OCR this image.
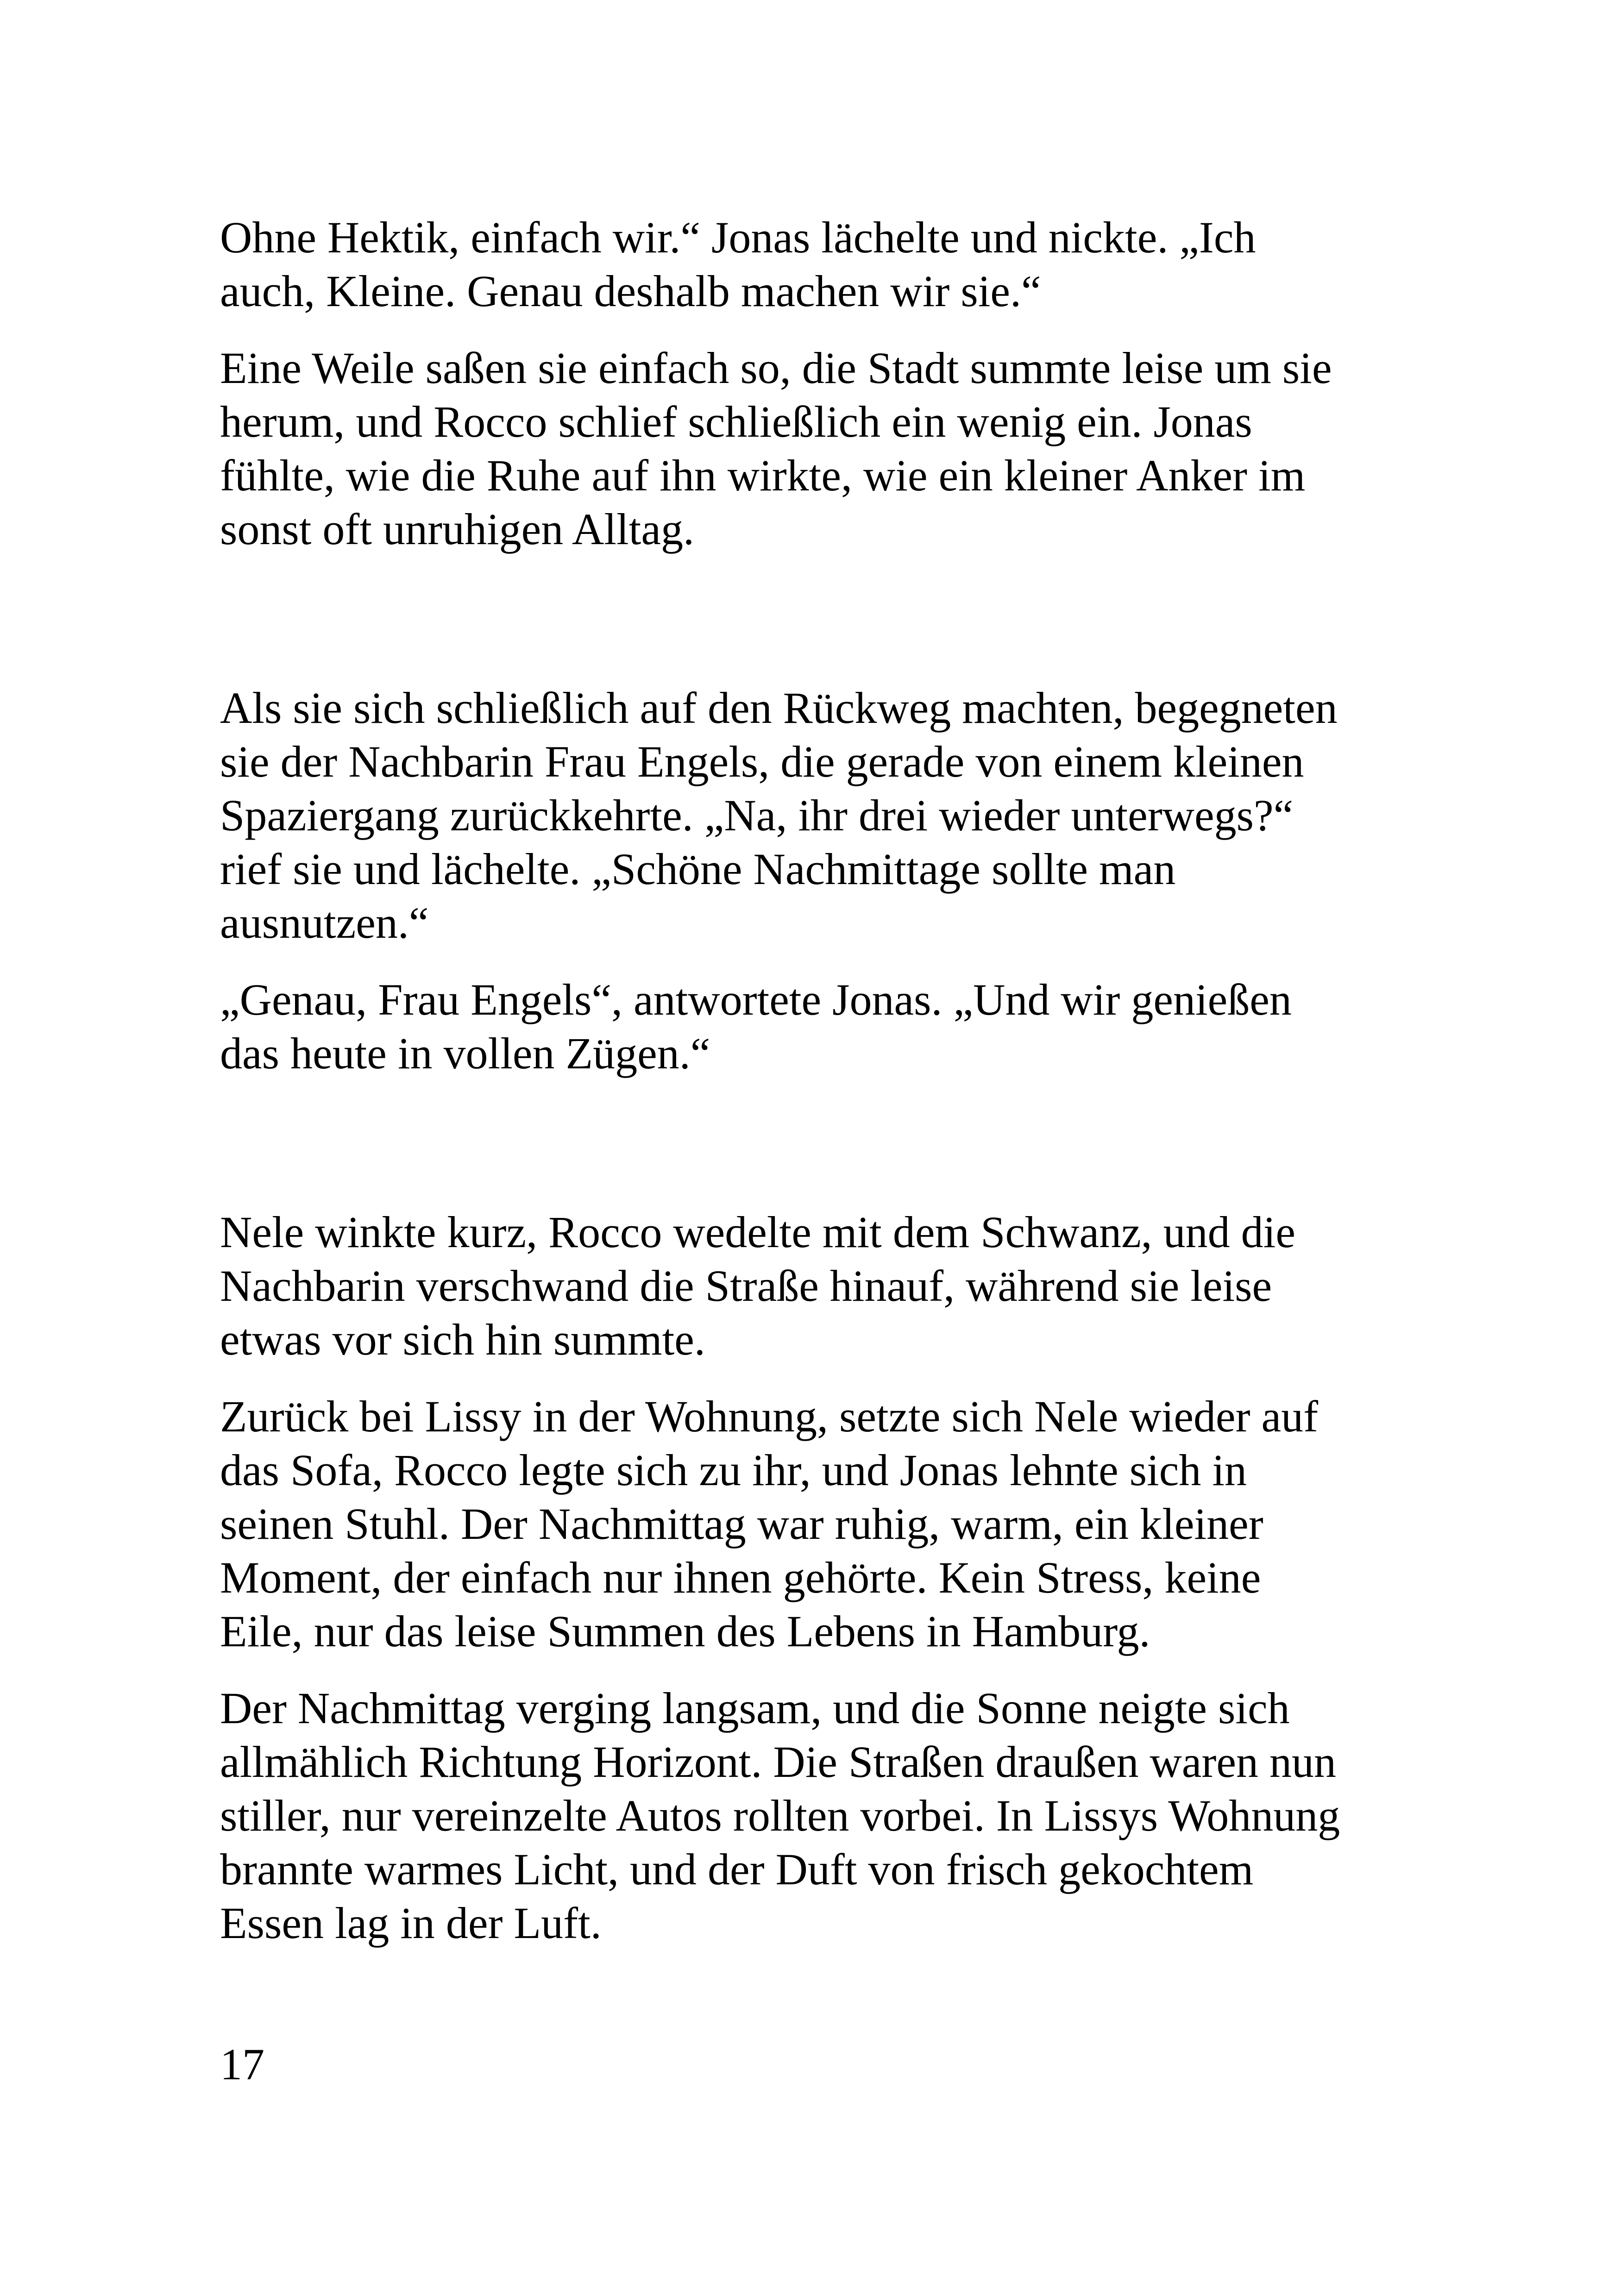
Ohne Hektik, einfach wir.“ Jonas lächelte und nickte. „Ich
auch, Kleine. Genau deshalb machen wir sie.“

Eine Weile saßen sie einfach so, die Stadt summte leise um sie
herum, und Rocco schlief schließlich ein wenig ein. Jonas
fühlte, wie die Ruhe auf ihn wirkte, wie ein kleiner Anker im
sonst oft unruhigen Alltag.

Als sie sich schließlich auf den Rückweg machten, begegneten
sie der Nachbarin Frau Engels, die gerade von einem kleinen
Spaziergang zurückkehrte. „Na, ihr drei wieder unterwegs?“
rief sie und lächelte. „Schöne Nachmittage sollte man
ausnutzen.“

„Genau, Frau Engels“, antwortete Jonas. „Und wir genießen
das heute in vollen Zügen.“

Nele winkte kurz, Rocco wedelte mit dem Schwanz, und die
Nachbarin verschwand die Straße hinauf, während sie leise
etwas vor sich hin summte.

Zurück bei Lissy in der Wohnung, setzte sich Nele wieder auf
das Sofa, Rocco legte sich zu ihr, und Jonas lehnte sich in
seinen Stuhl. Der Nachmittag war ruhig, warm, ein kleiner
Moment, der einfach nur ihnen gehörte. Kein Stress, keine
Eile, nur das leise Summen des Lebens in Hamburg.

Der Nachmittag verging langsam, und die Sonne neigte sich
allmählich Richtung Horizont. Die Straßen draußen waren nun
stiller, nur vereinzelte Autos rollten vorbei. In Lissys Wohnung
brannte warmes Licht, und der Duft von frisch gekochtem
Essen lag in der Luft.

17
